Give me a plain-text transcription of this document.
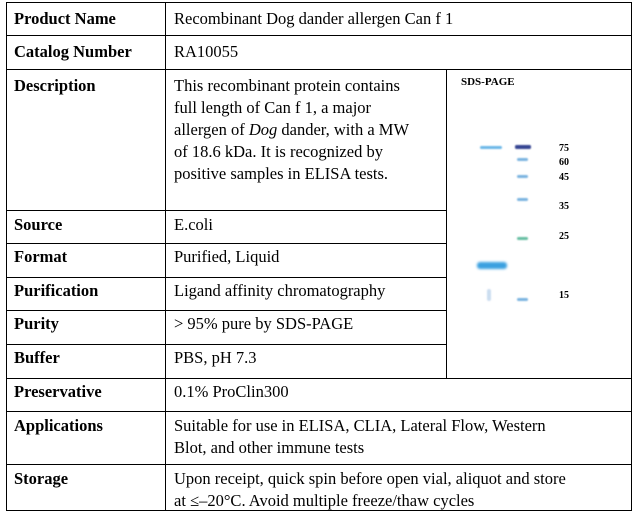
Product Name
Catalog Number
Description
Source
Format
Purification
Purity
Buffer
Preservative
Applications
Storage
Recombinant Dog dander allergen Can f 1
RA10055
This recombinant protein contains
full length of Can f 1, a major
allergen of Dog dander, with a MW
of 18.6 kDa. It is recognized by
positive samples in ELISA tests.
E.coli
Purified, Liquid
Ligand affinity chromatography
> 95% pure by SDS-PAGE
PBS, pH 7.3
0.1% ProClin300
Suitable for use in ELISA, CLIA, Lateral Flow, Western
Blot, and other immune tests
Upon receipt, quick spin before open vial, aliquot and store
at ≤–20°C. Avoid multiple freeze/thaw cycles
SDS-PAGE
75
60
45
35
25
15
